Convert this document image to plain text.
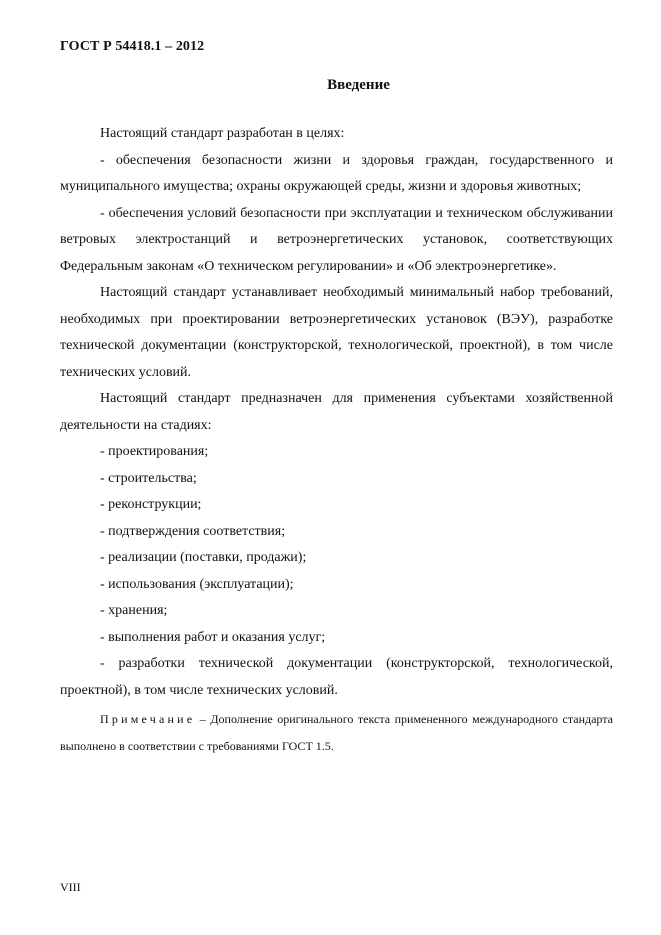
ГОСТ Р 54418.1 – 2012
Введение

Настоящий стандарт разработан в целях:

- обеспечения безопасности жизни и здоровья граждан, государственного и муниципального имущества; охраны окружающей среды, жизни и здоровья животных;

- обеспечения условий безопасности при эксплуатации и техническом обслуживании ветровых электростанций и ветроэнергетических установок, соответствующих Федеральным законам «О техническом регулировании» и «Об электроэнергетике».

Настоящий стандарт устанавливает необходимый минимальный набор требований, необходимых при проектировании ветроэнергетических установок (ВЭУ), разработке технической документации (конструкторской, технологической, проектной), в том числе технических условий.

Настоящий стандарт предназначен для применения субъектами хозяйственной деятельности на стадиях:

- проектирования;

- строительства;

- реконструкции;

- подтверждения соответствия;

- реализации (поставки, продажи);

- использования (эксплуатации);

- хранения;

- выполнения работ и оказания услуг;

- разработки технической документации (конструкторской, технологической, проектной), в том числе технических условий.

Примечание – Дополнение оригинального текста примененного международного стандарта выполнено в соответствии с требованиями ГОСТ 1.5.

VIII
